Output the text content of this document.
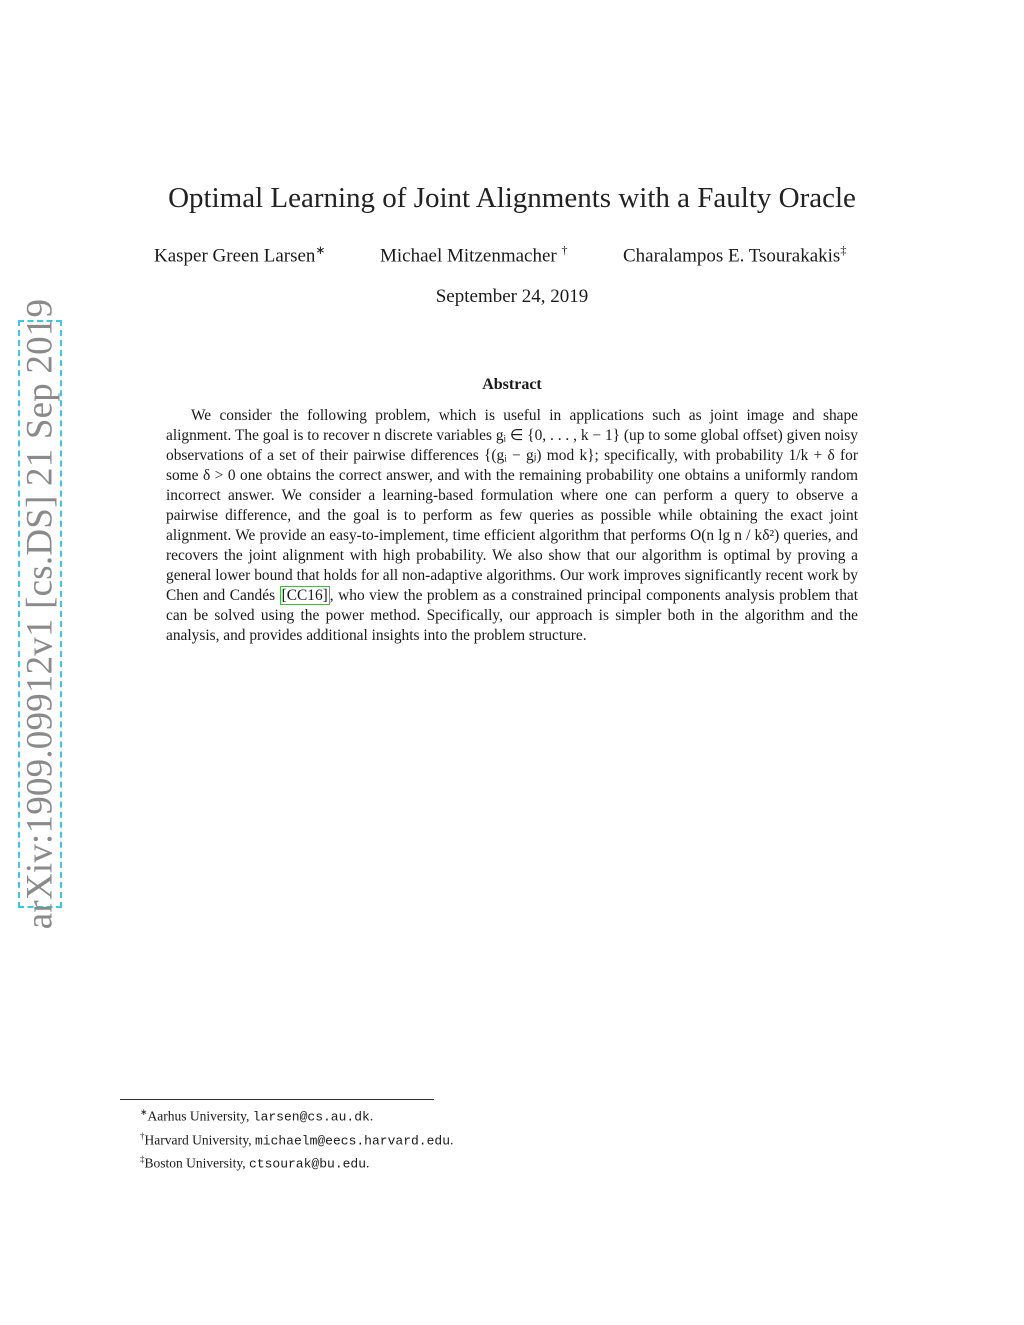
arXiv:1909.09912v1 [cs.DS] 21 Sep 2019
Optimal Learning of Joint Alignments with a Faulty Oracle
Kasper Green Larsen∗	Michael Mitzenmacher †	Charalampos E. Tsourakakis‡
September 24, 2019
Abstract

We consider the following problem, which is useful in applications such as joint image and shape alignment. The goal is to recover n discrete variables gᵢ ∈ {0, . . . , k − 1} (up to some global offset) given noisy observations of a set of their pairwise differences {(gᵢ − gⱼ) mod k}; specifically, with probability 1/k + δ for some δ > 0 one obtains the correct answer, and with the remaining probability one obtains a uniformly random incorrect answer. We consider a learning-based formulation where one can perform a query to observe a pairwise difference, and the goal is to perform as few queries as possible while obtaining the exact joint alignment. We provide an easy-to-implement, time efficient algorithm that performs O(n lg n / kδ²) queries, and recovers the joint alignment with high probability. We also show that our algorithm is optimal by proving a general lower bound that holds for all non-adaptive algorithms. Our work improves significantly recent work by Chen and Candés [CC16] , who view the problem as a constrained principal components analysis problem that can be solved using the power method. Specifically, our approach is simpler both in the algorithm and the analysis, and provides additional insights into the problem structure.

∗Aarhus University, larsen@cs.au.dk.
†Harvard University, michaelm@eecs.harvard.edu.
‡Boston University, ctsourak@bu.edu.
